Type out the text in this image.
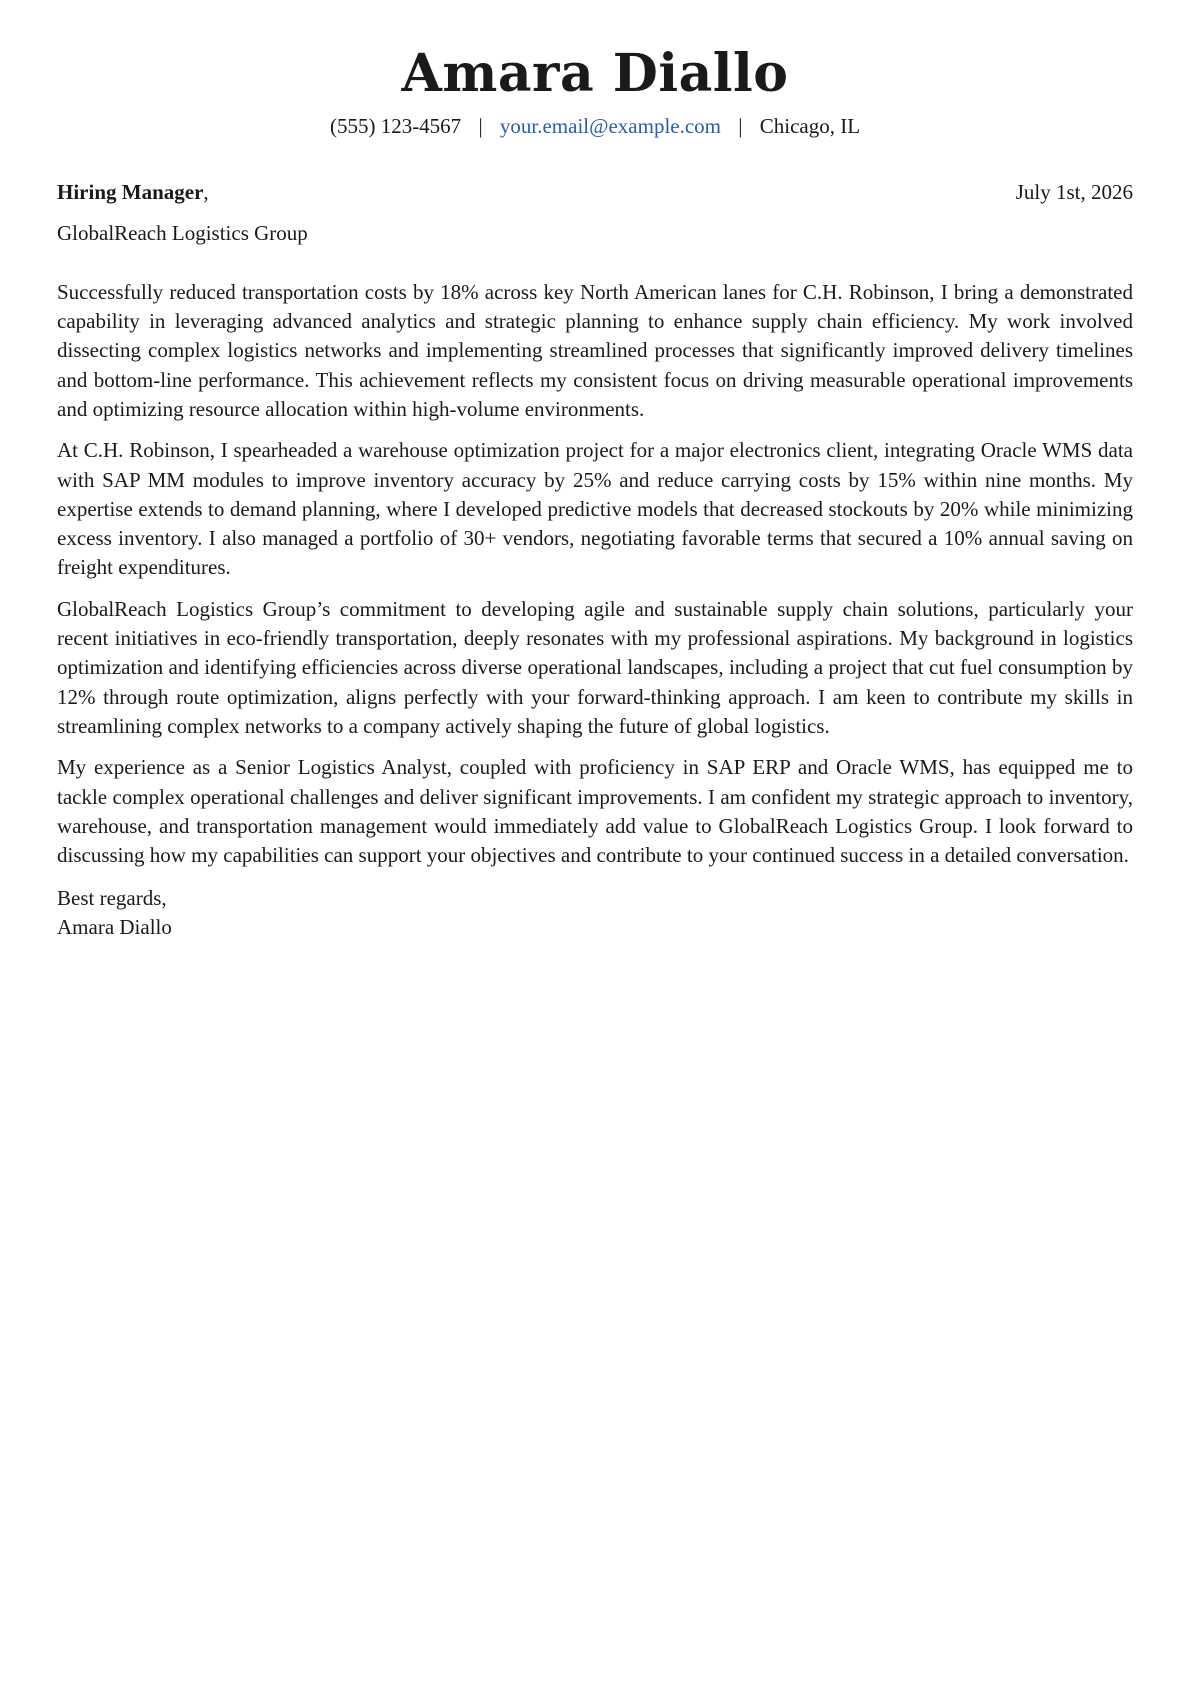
Amara Diallo
(555) 123-4567 | your.email@example.com | Chicago, IL
Hiring Manager,	July 1st, 2026
GlobalReach Logistics Group

Successfully reduced transportation costs by 18% across key North American lanes for C.H. Robinson, I bring a demonstrated capability in leveraging advanced analytics and strategic planning to enhance supply chain efficiency. My work involved dissecting complex logistics networks and implementing streamlined processes that significantly improved delivery timelines and bottom-line performance. This achievement reflects my consistent focus on driving measurable operational improvements and optimizing resource allocation within high-volume environments.

At C.H. Robinson, I spearheaded a warehouse optimization project for a major electronics client, integrating Oracle WMS data with SAP MM modules to improve inventory accuracy by 25% and reduce carrying costs by 15% within nine months. My expertise extends to demand planning, where I developed predictive models that decreased stockouts by 20% while minimizing excess inventory. I also managed a portfolio of 30+ vendors, negotiating favorable terms that secured a 10% annual saving on freight expenditures.

GlobalReach Logistics Group’s commitment to developing agile and sustainable supply chain solutions, particularly your recent initiatives in eco-friendly transportation, deeply resonates with my professional aspirations. My background in logistics optimization and identifying efficiencies across diverse operational landscapes, including a project that cut fuel consumption by 12% through route optimization, aligns perfectly with your forward-thinking approach. I am keen to contribute my skills in streamlining complex networks to a company actively shaping the future of global logistics.

My experience as a Senior Logistics Analyst, coupled with proficiency in SAP ERP and Oracle WMS, has equipped me to tackle complex operational challenges and deliver significant improvements. I am confident my strategic approach to inventory, warehouse, and transportation management would immediately add value to GlobalReach Logistics Group. I look forward to discussing how my capabilities can support your objectives and contribute to your continued success in a detailed conversation.

Best regards,
Amara Diallo
